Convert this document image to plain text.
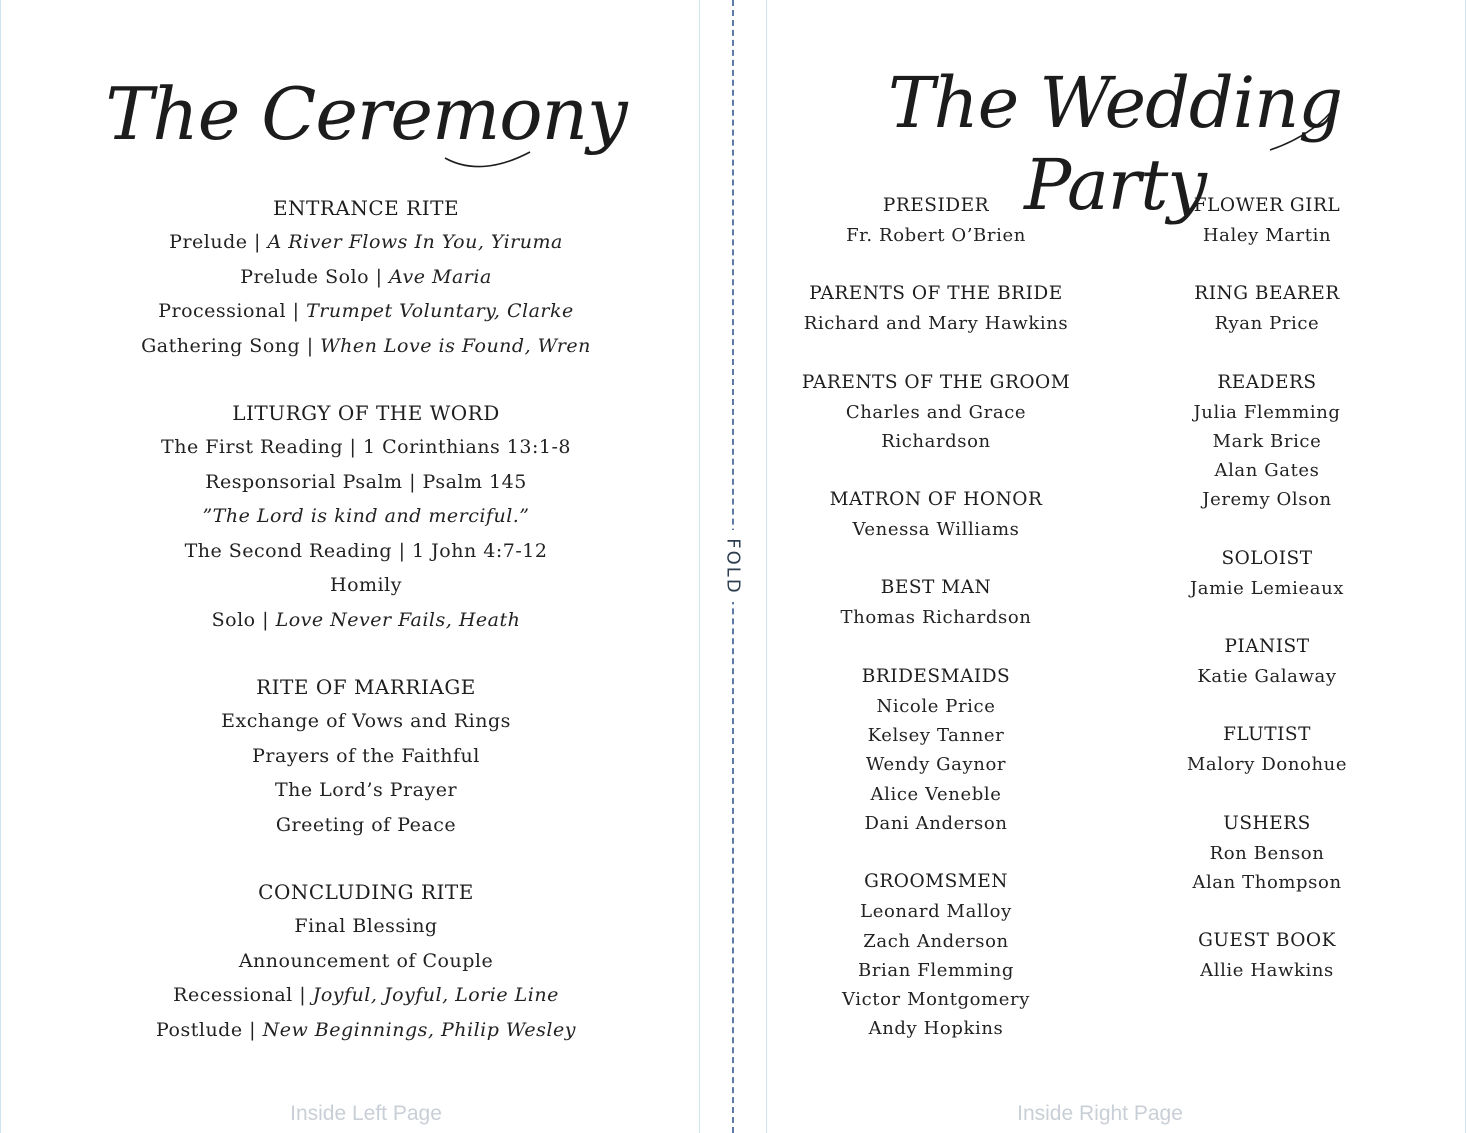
FOLD
The Ceremony
ENTRANCE RITE
Prelude | A River Flows In You, Yiruma
Prelude Solo | Ave Maria
Processional | Trumpet Voluntary, Clarke
Gathering Song | When Love is Found, Wren
LITURGY OF THE WORD
The First Reading | 1 Corinthians 13:1-8
Responsorial Psalm | Psalm 145
”The Lord is kind and merciful.”
The Second Reading | 1 John 4:7-12
Homily
Solo | Love Never Fails, Heath
RITE OF MARRIAGE
Exchange of Vows and Rings
Prayers of the Faithful
The Lord’s Prayer
Greeting of Peace
CONCLUDING RITE
Final Blessing
Announcement of Couple
Recessional | Joyful, Joyful, Lorie Line
Postlude | New Beginnings, Philip Wesley
The Wedding Party
PRESIDER
Fr. Robert O’Brien
PARENTS OF THE BRIDE
Richard and Mary Hawkins
PARENTS OF THE GROOM
Charles and Grace Richardson
MATRON OF HONOR
Venessa Williams
BEST MAN
Thomas Richardson
BRIDESMAIDS
Nicole Price
Kelsey Tanner
Wendy Gaynor
Alice Veneble
Dani Anderson
GROOMSMEN
Leonard Malloy
Zach Anderson
Brian Flemming
Victor Montgomery
Andy Hopkins
FLOWER GIRL
Haley Martin
RING BEARER
Ryan Price
READERS
Julia Flemming
Mark Brice
Alan Gates
Jeremy Olson
SOLOIST
Jamie Lemieaux
PIANIST
Katie Galaway
FLUTIST
Malory Donohue
USHERS
Ron Benson
Alan Thompson
GUEST BOOK
Allie Hawkins
Inside Left Page	Inside Right Page
